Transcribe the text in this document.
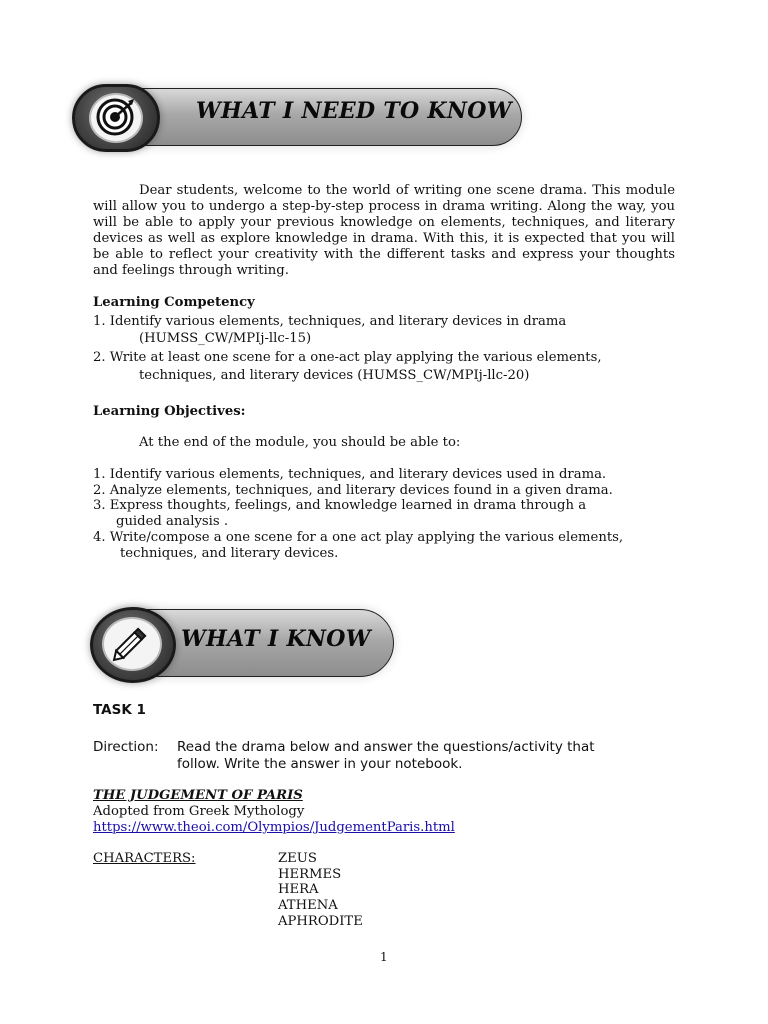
WHAT I NEED TO KNOW
Dear students, welcome to the world of writing one scene drama. This module will allow you to undergo a step-by-step process in drama writing. Along the way, you will be able to apply your previous knowledge on elements, techniques, and literary devices as well as explore knowledge in drama. With this, it is expected that you will be able to reflect your creativity with the different tasks and express your thoughts and feelings through writing.
Learning Competency
1. Identify various elements, techniques, and literary devices in drama
(HUMSS_CW/MPIj-llc-15)
2. Write at least one scene for a one-act play applying the various elements,
techniques, and literary devices (HUMSS_CW/MPIj-llc-20)
Learning Objectives:
At the end of the module, you should be able to:
1. Identify various elements, techniques, and literary devices used in drama.
2. Analyze elements, techniques, and literary devices found in a given drama.
3. Express thoughts, feelings, and knowledge learned in drama through a
guided analysis .
4. Write/compose a one scene for a one act play applying the various elements,
techniques, and literary devices.
WHAT I KNOW
TASK 1
Direction: Read the drama below and answer the questions/activity that
follow. Write the answer in your notebook.
THE JUDGEMENT OF PARIS
Adopted from Greek Mythology
https://www.theoi.com/Olympios/JudgementParis.html
CHARACTERS:	ZEUS
HERMES
HERA
ATHENA
APHRODITE
1
